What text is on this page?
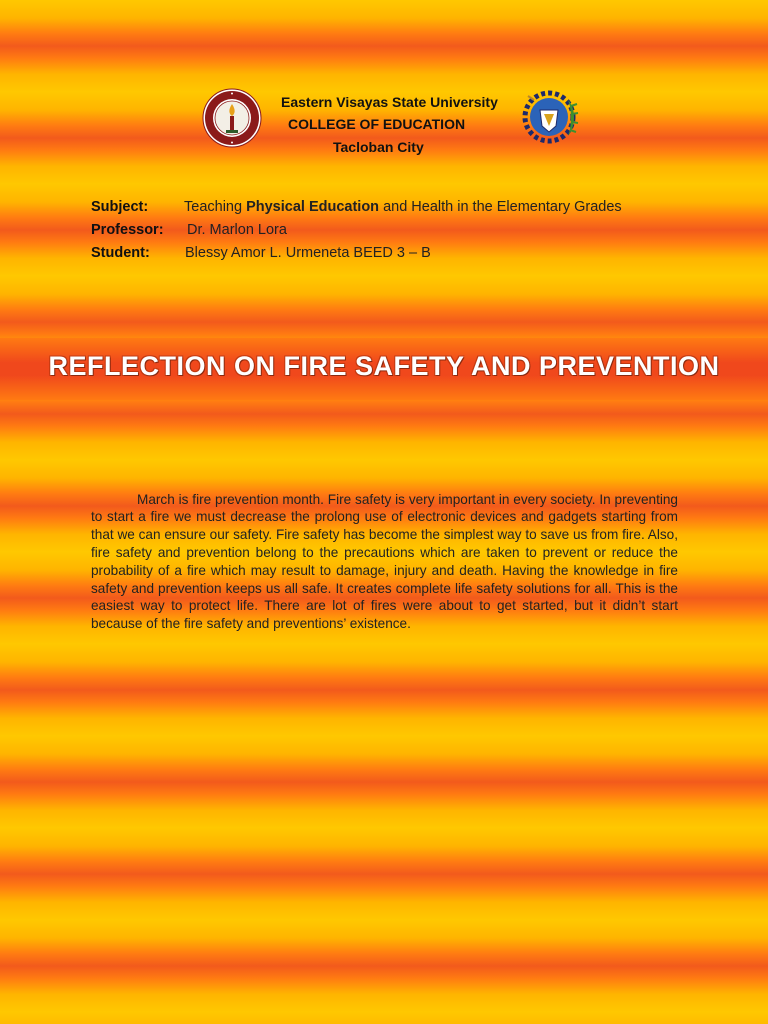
Eastern Visayas State University
COLLEGE OF EDUCATION
Tacloban City
Subject: Teaching Physical Education and Health in the Elementary Grades
Professor: Dr. Marlon Lora
Student: Blessy Amor L. Urmeneta BEED 3 – B
REFLECTION ON FIRE SAFETY AND PREVENTION

March is fire prevention month. Fire safety is very important in every society. In preventing to start a fire we must decrease the prolong use of electronic devices and gadgets starting from that we can ensure our safety. Fire safety has become the simplest way to save us from fire. Also, fire safety and prevention belong to the precautions which are taken to prevent or reduce the probability of a fire which may result to damage, injury and death. Having the knowledge in fire safety and prevention keeps us all safe. It creates complete life safety solutions for all. This is the easiest way to protect life. There are lot of fires were about to get started, but it didn’t start because of the fire safety and preventions’ existence.
